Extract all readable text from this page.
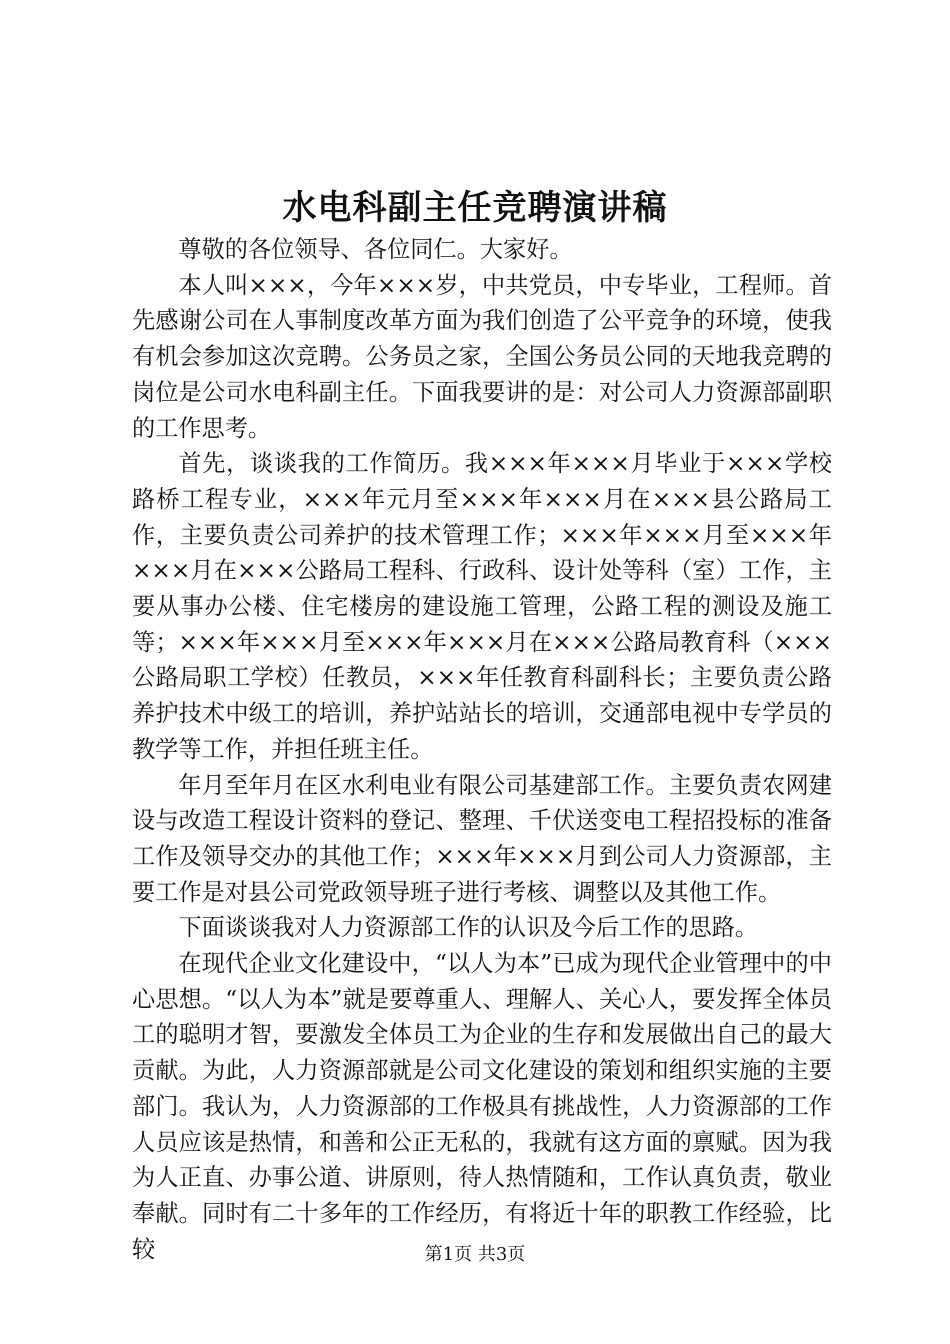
水电科副主任竞聘演讲稿

尊敬的各位领导、各位同仁。大家好。

本人叫×××，今年×××岁，中共党员，中专毕业，工程师。首先感谢公司在人事制度改革方面为我们创造了公平竞争的环境，使我有机会参加这次竞聘。公务员之家，全国公务员公同的天地我竞聘的岗位是公司水电科副主任。下面我要讲的是：对公司人力资源部副职的工作思考。

首先，谈谈我的工作简历。我×××年×××月毕业于×××学校路桥工程专业，×××年元月至×××年×××月在×××县公路局工作，主要负责公司养护的技术管理工作；×××年×××月至×××年×××月在×××公路局工程科、行政科、设计处等科（室）工作，主要从事办公楼、住宅楼房的建设施工管理，公路工程的测设及施工等；×××年×××月至×××年×××月在×××公路局教育科（×××公路局职工学校）任教员，×××年任教育科副科长；主要负责公路养护技术中级工的培训，养护站站长的培训，交通部电视中专学员的教学等工作，并担任班主任。

年月至年月在区水利电业有限公司基建部工作。主要负责农网建设与改造工程设计资料的登记、整理、千伏送变电工程招投标的准备工作及领导交办的其他工作；×××年×××月到公司人力资源部，主要工作是对县公司党政领导班子进行考核、调整以及其他工作。

下面谈谈我对人力资源部工作的认识及今后工作的思路。

在现代企业文化建设中，“以人为本”已成为现代企业管理中的中心思想。“以人为本”就是要尊重人、理解人、关心人，要发挥全体员工的聪明才智，要激发全体员工为企业的生存和发展做出自己的最大贡献。为此，人力资源部就是公司文化建设的策划和组织实施的主要部门。我认为，人力资源部的工作极具有挑战性，人力资源部的工作人员应该是热情，和善和公正无私的，我就有这方面的禀赋。因为我为人正直、办事公道、讲原则，待人热情随和，工作认真负责，敬业奉献。同时有二十多年的工作经历，有将近十年的职教工作经验，比较	第1页 共3页
